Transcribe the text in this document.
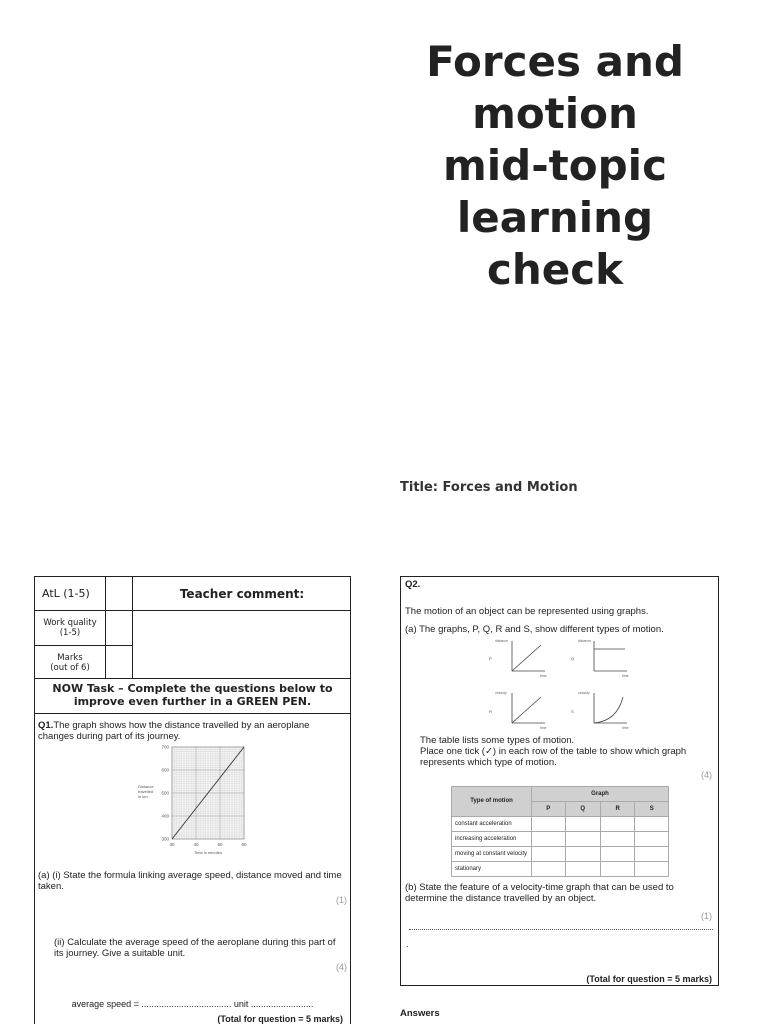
Forces and
motion
mid-topic
learning
check
Title: Forces and Motion
AtL (1-5)	Teacher comment:
Work quality
(1-5)
Marks
(out of 6)
NOW Task – Complete the questions below to improve even further in a GREEN PEN.
Q1.The graph shows how the distance travelled by an aeroplane changes during part of its journey.
700
600
500
400
300
30	40	50	60
Distance
travelled
in km
Time in minutes
(a) (i) State the formula linking average speed, distance moved and time taken.
(1)
(ii) Calculate the average speed of the aeroplane during this part of its journey. Give a suitable unit.
(4)
average speed = .................................... unit .........................
(Total for question = 5 marks)
Q2.
The motion of an object can be represented using graphs.
(a) The graphs, P, Q, R and S, show different types of motion.
P
distance
time
Q
distance
time
R
velocity
time
S
velocity
time
The table lists some types of motion.
Place one tick (✓) in each row of the table to show which graph represents which type of motion.
(4)
Type of motion	Graph			
	P	Q	R	S
constant acceleration				
increasing acceleration				
moving at constant velocity				
stationary				
(b) State the feature of a velocity-time graph that can be used to determine the distance travelled by an object.
(1)
.
(Total for question = 5 marks)
Answers
